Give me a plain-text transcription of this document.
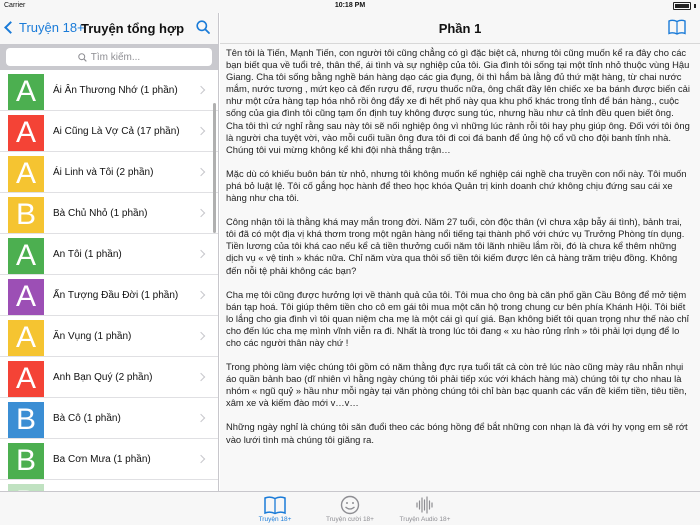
Carrier	10:18 PM
Truyện 18+
Truyện tổng hợp
Tìm kiếm...
A	Ái Ân Thương Nhớ (1 phần)
A	Ai Cũng Là Vợ Cả (17 phần)
A	Ái Linh và Tôi (2 phần)
B	Bà Chủ Nhỏ (1 phần)
A	An Tôi (1 phần)
A	Ấn Tượng Đầu Đời (1 phần)
A	Ăn Vụng (1 phần)
A	Anh Bạn Quý (2 phần)
B	Bà Cô (1 phần)
B	Ba Cơn Mưa (1 phần)
Phần 1

Tên tôi là Tiến, Mạnh Tiến, con người tôi cũng chẳng có gì đặc biệt cả, nhưng tôi cũng muốn kể ra đây cho các bạn biết qua về tuổi trẻ, thân thế, ái tình và sự nghiệp của tôi. Gia đình tôi sống tại một tỉnh nhỏ thuộc vùng Hậu Giang. Cha tôi sống bằng nghề bán hàng dạo các gia đụng, ôi thì hắm bà lằng đủ thứ mặt hàng, từ chai nước mắm, nước tương , mứt kẹo cả đến rượu đế, rượu thuốc nữa, ông chất đầy lên chiếc xe ba bánh được biến cải như một cửa hàng tạp hóa nhỏ rồi ông đẩy xe đi hết phố này qua khu phố khác trong tỉnh để bán hàng., cuộc sống của gia đình tôi cũng tạm ổn định tuy không được sung túc, nhưng hầu như cả tỉnh đều quen biết ông. Cha tôi thì cứ nghỉ rằng sau này tôi sẽ nối nghiệp ông vì những lúc rảnh rỗi tôi hay phụ giúp ông. Đối với tôi ông là người cha tuyệt vời, vào mỗi cuối tuần ông đưa tôi đi coi đá banh để ủng hộ cổ vũ cho đội banh tỉnh nhà. Chúng tôi vui mừng không kể khi đội nhà thắng trận…

Mặc dù có khiếu buôn bán từ nhỏ, nhưng tôi không muốn kế nghiệp cái nghề cha truyền con nối này. Tôi muốn phá bỏ luật lệ. Tôi cố gắng học hành để theo học khóa Quản trị kinh doanh chứ không chịu đứng sau cái xe hàng như cha tôi.

Công nhận tôi là thằng khá may mắn trong đời. Năm 27 tuổi, còn độc thân (vì chưa xập bẫy ái tình), bảnh trai, tôi đã có một địa vị khá thơm trong một ngân hàng nổi tiếng tại thành phố với chức vụ Trưởng Phòng tín dụng. Tiền lương của tôi khá cao nếu kể cả tiền thưởng cuối năm tôi lãnh nhiều lắm rồi, đó là chưa kể thêm những dịch vụ « vệ tinh » khác nữa. Chỉ năm vừa qua thôi số tiền tôi kiếm được lên cả hàng trăm triệu đồng. Không đến nỗi tệ phải không các bạn?

Cha mẹ tôi cũng được hưởng lợi về thành quả của tôi. Tôi mua cho ông bà căn phố gần Cầu Bông để mở tiệm bán tạp hoá. Tôi giúp thêm tiền cho cô em gái tôi mua một căn hộ trong chung cư bên phía Khánh Hội. Tôi biết lo lắng cho gia đình vì tôi quan niệm cha mẹ là một cái gì quí giá. Bạn không biết tôi quan trọng như thế nào chỉ cho đến lúc cha mẹ mình vĩnh viễn ra đi. Nhất là trong lúc tôi đang « xu hào rủng rỉnh » tôi phải lợi dụng để lo cho các người thân này chứ !

Trong phòng làm việc chúng tôi gồm có năm thằng đực rựa tuổi tất cả còn trẻ lúc nào cũng mày râu nhẵn nhụi áo quần bảnh bao (dĩ nhiên vì hằng ngày chúng tôi phải tiếp xúc với khách hàng mà) chúng tôi tự cho nhau là nhóm « ngũ quỷ » hầu như mỗi ngày tại văn phòng chúng tôi chỉ bàn bạc quanh các vấn đề kiếm tiền, tiêu tiền, xâm xe và kiếm đào mới v…v…

Những ngày nghỉ là chúng tôi săn đuổi theo các bóng hồng để bắt những con nhạn là đà với hy vọng em sẽ rớt vào lưới tình mà chúng tôi giăng ra.

Truyện 18+	Truyện cười 18+	Truyện Audio 18+
